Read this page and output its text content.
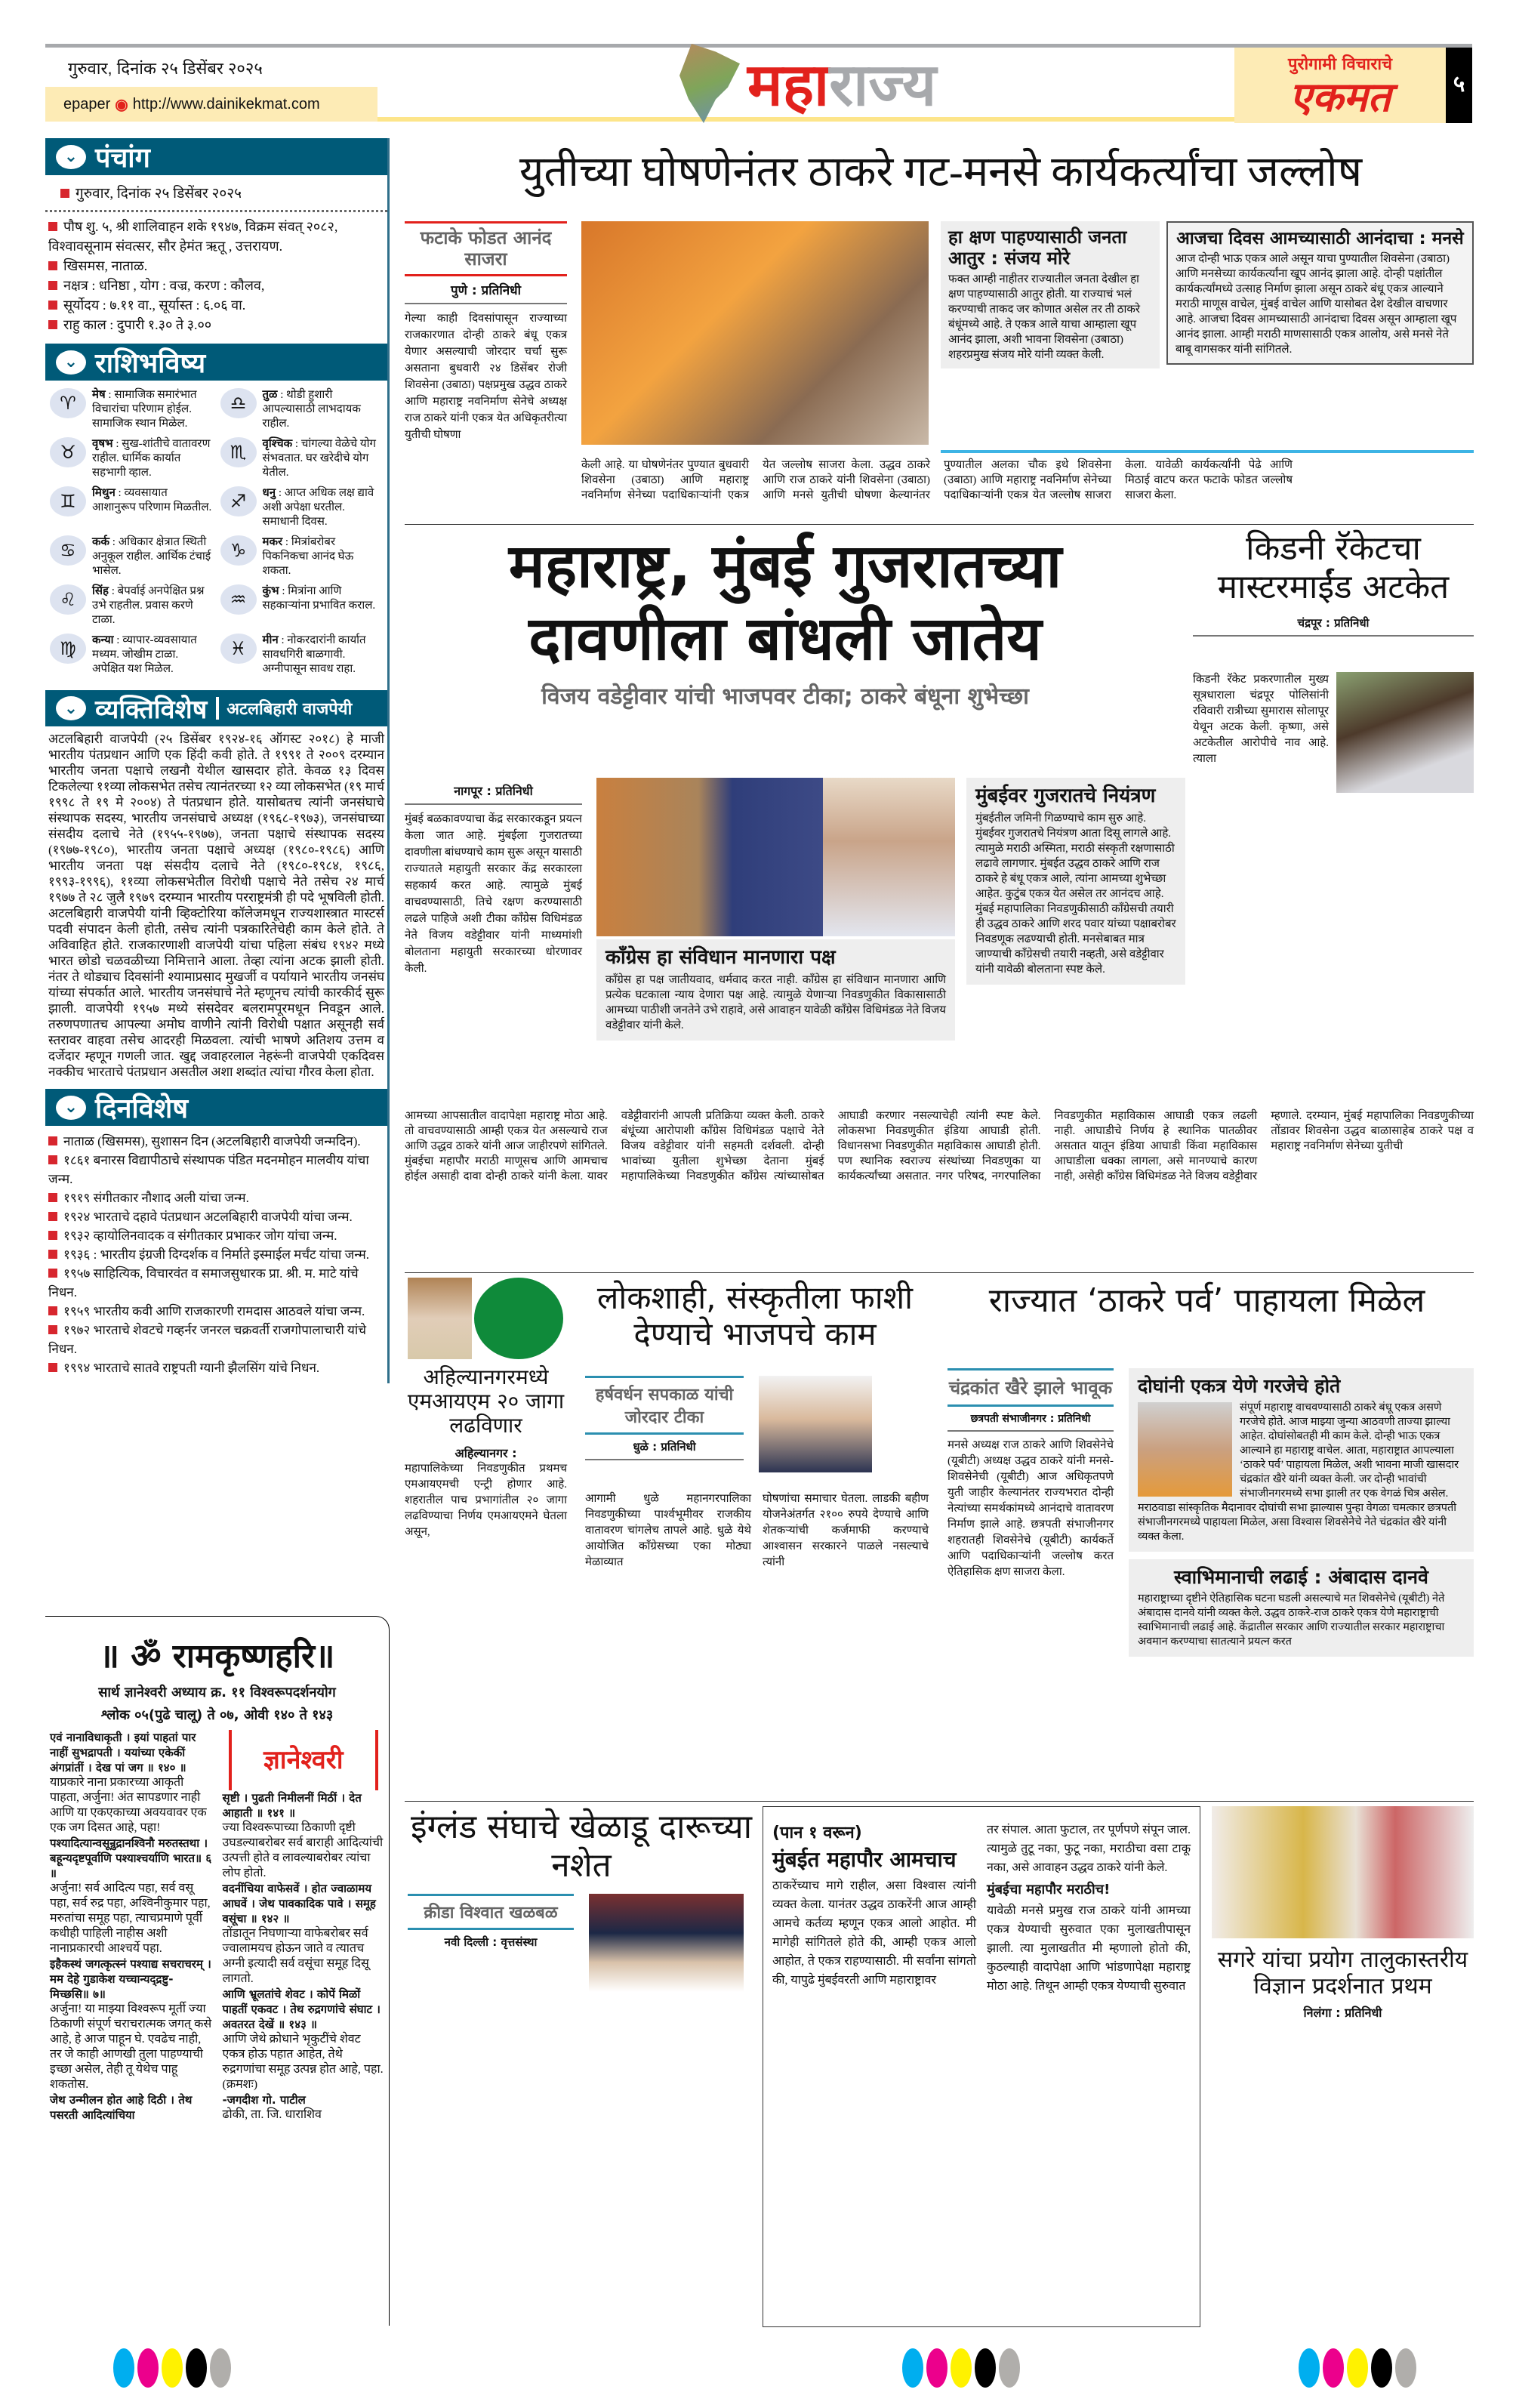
गुरुवार, दिनांक २५ डिसेंबर २०२५
epaper ◉ http://www.dainikekmat.com	महाराज्य	पुरोगामी विचाराचे
एकमत	५
⌄ पंचांग
गुरुवार, दिनांक २५ डिसेंबर २०२५
पौष शु. ५, श्री शालिवाहन शके १९४७, विक्रम संवत् २०८२, विश्वावसूनाम संवत्सर, सौर हेमंत ऋतू , उत्तरायण.
खिसमस, नाताळ.
नक्षत्र : धनिष्ठा , योग : वज्र, करण : कौलव,
सूर्योदय : ७.११ वा., सूर्यास्त : ६.०६ वा.
राहु काल : दुपारी १.३० ते ३.००
⌄ राशिभविष्य
♈	मेष : सामाजिक समारंभात विचारांचा परिणाम होईल. सामाजिक स्थान मिळेल.
♎	तुळ : थोडी हुशारी आपल्यासाठी लाभदायक राहील.
♉	वृषभ : सुख-शांतीचे वातावरण राहील. धार्मिक कार्यात सहभागी व्हाल.
♏	वृश्चिक : चांगल्या वेळेचे योग संभवतात. घर खरेदीचे योग येतील.
♊	मिथुन : व्यवसायात आशानुरूप परिणाम मिळतील.	♐	धनु : आप्त अधिक लक्ष द्यावे अशी अपेक्षा धरतील. समाधानी दिवस.
♋	कर्क : अधिकार क्षेत्रात स्थिती अनुकूल राहील. आर्थिक टंचाई भासेल.
♑	मकर : मित्रांबरोबर पिकनिकचा आनंद घेऊ शकता.
♌	सिंह : बेपर्वाई अनपेक्षित प्रश्न उभे राहतील. प्रवास करणे टाळा.
♒	कुंभ : मित्रांना आणि सहकाऱ्यांना प्रभावित कराल.
♍	कन्या : व्यापार-व्यवसायात मध्यम. जोखीम टाळा. अपेक्षित यश मिळेल.
♓	मीन : नोकरदारांनी कार्यात सावधगिरी बाळगावी. अग्नीपासून सावध राहा.
⌄ व्यक्तिविशेष	अटलबिहारी वाजपेयी

अटलबिहारी वाजपेयी (२५ डिसेंबर १९२४-१६ ऑगस्ट २०१८) हे माजी भारतीय पंतप्रधान आणि एक हिंदी कवी होते. ते १९९१ ते २००९ दरम्यान भारतीय जनता पक्षाचे लखनौ येथील खासदार होते. केवळ १३ दिवस टिकलेल्या ११व्या लोकसभेत तसेच त्यानंतरच्या १२ व्या लोकसभेत (१९ मार्च १९९८ ते १९ मे २००४) ते पंतप्रधान होते. यासोबतच त्यांनी जनसंघाचे संस्थापक सदस्य, भारतीय जनसंघाचे अध्यक्ष (१९६८-१९७३), जनसंघाच्या संसदीय दलाचे नेते (१९५५-१९७७), जनता पक्षाचे संस्थापक सदस्य (१९७७-१९८०), भारतीय जनता पक्षाचे अध्यक्ष (१९८०-१९८६) आणि भारतीय जनता पक्ष संसदीय दलाचे नेते (१९८०-१९८४, १९८६, १९९३-१९९६), ११व्या लोकसभेतील विरोधी पक्षाचे नेते तसेच २४ मार्च १९७७ ते २८ जुलै १९७९ दरम्यान भारतीय परराष्ट्रमंत्री ही पदे भूषविली होती. अटलबिहारी वाजपेयी यांनी व्हिक्टोरिया कॉलेजमधून राज्यशास्त्रात मास्टर्स पदवी संपादन केली होती, तसेच त्यांनी पत्रकारितेचेही काम केले होते. ते अविवाहित होते. राजकारणाशी वाजपेयी यांचा पहिला संबंध १९४२ मध्ये भारत छोडो चळवळीच्या निमित्ताने आला. तेव्हा त्यांना अटक झाली होती. नंतर ते थोड्याच दिवसांनी श्यामाप्रसाद मुखर्जी व पर्यायाने भारतीय जनसंघ यांच्या संपर्कात आले. भारतीय जनसंघाचे नेते म्हणूनच त्यांची कारकीर्द सुरू झाली. वाजपेयी १९५७ मध्ये संसदेवर बलरामपूरमधून निवडून आले. तरुणपणातच आपल्या अमोघ वाणीने त्यांनी विरोधी पक्षात असूनही सर्व स्तरावर वाहवा तसेच आदरही मिळवला. त्यांची भाषणे अतिशय उत्तम व दर्जेदार म्हणून गणली जात. खुद्द जवाहरलाल नेहरूंनी वाजपेयी एकदिवस नक्कीच भारताचे पंतप्रधान असतील अशा शब्दांत त्यांचा गौरव केला होता.

⌄ दिनविशेष
नाताळ (खिसमस), सुशासन दिन (अटलबिहारी वाजपेयी जन्मदिन).
१८६१ बनारस विद्यापीठाचे संस्थापक पंडित मदनमोहन मालवीय यांचा जन्म.
१९१९ संगीतकार नौशाद अली यांचा जन्म.
१९२४ भारताचे दहावे पंतप्रधान अटलबिहारी वाजपेयी यांचा जन्म.
१९३२ व्हायोलिनवादक व संगीतकार प्रभाकर जोग यांचा जन्म.
१९३६ : भारतीय इंग्रजी दिग्दर्शक व निर्माते इस्माईल मर्चंट यांचा जन्म.
१९५७ साहित्यिक, विचारवंत व समाजसुधारक प्रा. श्री. म. माटे यांचे निधन.
१९५९ भारतीय कवी आणि राजकारणी रामदास आठवले यांचा जन्म.
१९७२ भारताचे शेवटचे गव्हर्नर जनरल चक्रवर्ती राजगोपालाचारी यांचे निधन.
१९९४ भारताचे सातवे राष्ट्रपती ग्यानी झैलसिंग यांचे निधन.
॥ ॐ रामकृष्णहरि॥
सार्थ ज्ञानेश्वरी अध्याय क्र. ११ विश्वरूपदर्शनयोग
श्लोक ०५(पुढे चालू) ते ०७, ओवी १४० ते १४३
एवं नानाविधाकृती । इयां पाहतां पार नाहीं सुभद्रापती । ययांच्या एकेकीं अंगप्रांतीं । देख पां जग ॥ १४० ॥
याप्रकारे नाना प्रकारच्या आकृती पाहता, अर्जुना! अंत सापडणार नाही आणि या एकएकाच्या अवयवावर एक एक जग दिसत आहे, पहा!
पश्यादित्यान्वसून्रुद्रानश्विनौ मरुतस्तथा । बहून्यदृष्टपूर्वाणि पश्याश्चर्याणि भारत॥ ६ ॥
अर्जुना! सर्व आदित्य पहा, सर्व वसू पहा, सर्व रुद्र पहा, अश्विनीकुमार पहा, मरुतांचा समूह पहा, त्याचप्रमाणे पूर्वी कधीही पाहिली नाहीस अशी नानाप्रकारची आश्चर्ये पहा.
इहैकस्थं जगत्कृत्स्नं पश्याद्य सचराचरम् । मम देहे गुडाकेश यच्चान्यद्द्रष्टु-मिच्छसि॥ ७॥
अर्जुना! या माझ्या विश्वरूप मूर्ती ज्या ठिकाणी संपूर्ण चराचरात्मक जगत् कसे आहे, हे आज पाहून घे. एवढेच नाही, तर जे काही आणखी तुला पाहण्याची इच्छा असेल, तेही तू येथेच पाहू शकतोस.
जेथ उन्मीलन होत आहे दिठी । तेथ पसरती आदित्यांचिया
ज्ञानेश्वरी
सृष्टी । पुढती निमीलनीं मिठीं । देत आहाती ॥ १४१ ॥
ज्या विश्वरूपाच्या ठिकाणी दृष्टी उघडल्याबरोबर सर्व बाराही आदित्यांची उत्पत्ती होते व लावल्याबरोबर त्यांचा लोप होतो.
वदनींचिया वाफेसवें । होत ज्वाळामय आघवें । जेथ पावकादिक पावे । समूह वसूंचा ॥ १४२ ॥
तोंडातून निघणाऱ्या वाफेबरोबर सर्व ज्वालामयच होऊन जाते व त्यातच अग्नी इत्यादी सर्व वसूंचा समूह दिसू लागतो.
आणि भ्रूलतांचे शेवट । कोपें मिळों पाहतीं एकवट । तेथ रुद्रगणांचे संघाट । अवतरत देखें ॥ १४३ ॥
आणि जेथे क्रोधाने भृकुटींचे शेवट एकत्र होऊ पहात आहेत, तेथे रुद्रगणांचा समूह उत्पन्न होत आहे, पहा.
(क्रमशः)
-जगदीश गो. पाटील
ढोकी, ता. जि. धाराशिव
युतीच्या घोषणेनंतर ठाकरे गट-मनसे कार्यकर्त्यांचा जल्लोष
फटाके फोडत आनंद साजरा
पुणे : प्रतिनिधी

गेल्या काही दिवसांपासून राज्याच्या राजकारणात दोन्ही ठाकरे बंधू एकत्र येणार असल्याची जोरदार चर्चा सुरू असताना बुधवारी २४ डिसेंबर रोजी शिवसेना (उबाठा) पक्षप्रमुख उद्धव ठाकरे आणि महाराष्ट्र नवनिर्माण सेनेचे अध्यक्ष राज ठाकरे यांनी एकत्र येत अधिकृतरीत्या युतीची घोषणा

हा क्षण पाहण्यासाठी जनता आतुर : संजय मोरे

फक्त आम्ही नाहीतर राज्यातील जनता देखील हा क्षण पाहण्यासाठी आतुर होती. या राज्याचं भलं करण्याची ताकद जर कोणात असेल तर ती ठाकरे बंधूंमध्ये आहे. ते एकत्र आले याचा आम्हाला खूप आनंद झाला, अशी भावना शिवसेना (उबाठा) शहरप्रमुख संजय मोरे यांनी व्यक्त केली.

आजचा दिवस आमच्यासाठी आनंदाचा : मनसे

आज दोन्ही भाऊ एकत्र आले असून याचा पुण्यातील शिवसेना (उबाठा) आणि मनसेच्या कार्यकर्त्यांना खूप आनंद झाला आहे. दोन्ही पक्षांतील कार्यकर्त्यांमध्ये उत्साह निर्माण झाला असून ठाकरे बंधू एकत्र आल्याने मराठी माणूस वाचेल, मुंबई वाचेल आणि यासोबत देश देखील वाचणार आहे. आजचा दिवस आमच्यासाठी आनंदाचा दिवस असून आम्हाला खूप आनंद झाला. आम्ही मराठी माणसासाठी एकत्र आलोय, असे मनसे नेते बाबू वागसकर यांनी सांगितले.

केली आहे. या घोषणेनंतर पुण्यात बुधवारी शिवसेना (उबाठा) आणि महाराष्ट्र नवनिर्माण सेनेच्या पदाधिकाऱ्यांनी एकत्र येत जल्लोष साजरा केला. उद्धव ठाकरे आणि राज ठाकरे यांनी शिवसेना (उबाठा) आणि मनसे युतीची घोषणा केल्यानंतर पुण्यातील अलका चौक इथे शिवसेना (उबाठा) आणि महाराष्ट्र नवनिर्माण सेनेच्या पदाधिकाऱ्यांनी एकत्र येत जल्लोष साजरा केला. यावेळी कार्यकर्त्यांनी पेढे आणि मिठाई वाटप करत फटाके फोडत जल्लोष साजरा केला.

महाराष्ट्र, मुंबई गुजरातच्या दावणीला बांधली जातेय
विजय वडेट्टीवार यांची भाजपवर टीका; ठाकरे बंधूना शुभेच्छा
नागपूर : प्रतिनिधी

मुंबई बळकावण्याचा केंद्र सरकारकडून प्रयत्न केला जात आहे. मुंबईला गुजरातच्या दावणीला बांधण्याचे काम सुरू असून यासाठी राज्यातले महायुती सरकार केंद्र सरकारला सहकार्य करत आहे. त्यामुळे मुंबई वाचवण्यासाठी, तिचे रक्षण करण्यासाठी लढले पाहिजे अशी टीका काँग्रेस विधिमंडळ नेते विजय वडेट्टीवार यांनी माध्यमांशी बोलताना महायुती सरकारच्या धोरणावर केली.	काँग्रेस हा संविधान मानणारा पक्ष

काँग्रेस हा पक्ष जातीयवाद, धर्मवाद करत नाही. काँग्रेस हा संविधान मानणारा आणि प्रत्येक घटकाला न्याय देणारा पक्ष आहे. त्यामुळे येणाऱ्या निवडणुकीत विकासासाठी आमच्या पाठीशी जनतेने उभे राहावे, असे आवाहन यावेळी काँग्रेस विधिमंडळ नेते विजय वडेट्टीवार यांनी केले.

मुंबईवर गुजरातचे नियंत्रण

मुंबईतील जमिनी गिळण्याचे काम सुरु आहे. मुंबईवर गुजरातचे नियंत्रण आता दिसू लागले आहे. त्यामुळे मराठी अस्मिता, मराठी संस्कृती रक्षणासाठी लढावे लागणार. मुंबईत उद्धव ठाकरे आणि राज ठाकरे हे बंधू एकत्र आले, त्यांना आमच्या शुभेच्छा आहेत. कुटुंब एकत्र येत असेल तर आनंदच आहे. मुंबई महापालिका निवडणुकीसाठी काँग्रेसची तयारी ही उद्धव ठाकरे आणि शरद पवार यांच्या पक्षाबरोबर निवडणूक लढण्याची होती. मनसेबाबत मात्र जाण्याची काँग्रेसची तयारी नव्हती, असे वडेट्टीवार यांनी यावेळी बोलताना स्पष्ट केले.

आमच्या आपसातील वादापेक्षा महाराष्ट्र मोठा आहे. तो वाचवण्यासाठी आम्ही एकत्र येत असल्याचे राज आणि उद्धव ठाकरे यांनी आज जाहीरपणे सांगितले. मुंबईचा महापौर मराठी माणूसच आणि आमचाच होईल असाही दावा दोन्ही ठाकरे यांनी केला. यावर वडेट्टीवारांनी आपली प्रतिक्रिया व्यक्त केली. ठाकरे बंधूंच्या आरोपाशी काँग्रेस विधिमंडळ पक्षाचे नेते विजय वडेट्टीवार यांनी सहमती दर्शवली. दोन्ही भावांच्या युतीला शुभेच्छा देताना मुंबई महापालिकेच्या निवडणुकीत काँग्रेस त्यांच्यासोबत आघाडी करणार नसल्याचेही त्यांनी स्पष्ट केले. लोकसभा निवडणुकीत इंडिया आघाडी होती. विधानसभा निवडणुकीत महाविकास आघाडी होती. पण स्थानिक स्वराज्य संस्थांच्या निवडणुका या कार्यकर्त्यांच्या असतात. नगर परिषद, नगरपालिका निवडणुकीत महाविकास आघाडी एकत्र लढली नाही. आघाडीचे निर्णय हे स्थानिक पातळीवर असतात यातून इंडिया आघाडी किंवा महाविकास आघाडीला धक्का लागला, असे मानण्याचे कारण नाही, असेही काँग्रेस विधिमंडळ नेते विजय वडेट्टीवार म्हणाले. दरम्यान, मुंबई महापालिका निवडणुकीच्या तोंडावर शिवसेना उद्धव बाळासाहेब ठाकरे पक्ष व महाराष्ट्र नवनिर्माण सेनेच्या युतीची

किडनी रॅकेटचा मास्टरमाईंड अटकेत
चंद्रपूर : प्रतिनिधी

किडनी रॅकेट प्रकरणातील मुख्य सूत्रधाराला चंद्रपूर पोलिसांनी रविवारी रात्रीच्या सुमारास सोलापूर येथून अटक केली. कृष्णा, असे अटकेतील आरोपीचे नाव आहे. त्याला

अहिल्यानगरमध्ये एमआयएम २० जागा लढविणार
अहिल्यानगर :

महापालिकेच्या निवडणुकीत प्रथमच एमआयएमची एन्ट्री होणार आहे. शहरातील पाच प्रभागांतील २० जागा लढविण्याचा निर्णय एमआयएमने घेतला असून,

लोकशाही, संस्कृतीला फाशी देण्याचे भाजपचे काम
हर्षवर्धन सपकाळ यांची जोरदार टीका
धुळे : प्रतिनिधी

आगामी धुळे महानगरपालिका निवडणुकीच्या पार्श्वभूमीवर राजकीय वातावरण चांगलेच तापले आहे. धुळे येथे आयोजित काँग्रेसच्या एका मोठ्या मेळाव्यात

घोषणांचा समाचार घेतला. लाडकी बहीण योजनेअंतर्गत २१०० रुपये देण्याचे आणि शेतकऱ्यांची कर्जमाफी करण्याचे आश्वासन सरकारने पाळले नसल्याचे त्यांनी

राज्यात ‘ठाकरे पर्व’ पाहायला मिळेल
चंद्रकांत खैरे झाले भावूक
छत्रपती संभाजीनगर : प्रतिनिधी

मनसे अध्यक्ष राज ठाकरे आणि शिवसेनेचे (यूबीटी) अध्यक्ष उद्धव ठाकरे यांनी मनसे-शिवसेनेची (यूबीटी) आज अधिकृतपणे युती जाहीर केल्यानंतर राज्यभरात दोन्ही नेत्यांच्या समर्थकांमध्ये आनंदाचे वातावरण निर्माण झाले आहे. छत्रपती संभाजीनगर शहरातही शिवसेनेचे (यूबीटी) कार्यकर्ते आणि पदाधिकाऱ्यांनी जल्लोष करत ऐतिहासिक क्षण साजरा केला.

दोघांनी एकत्र येणे गरजेचे होते

संपूर्ण महाराष्ट्र वाचवण्यासाठी ठाकरे बंधू एकत्र असणे गरजेचे होते. आज माझ्या जुन्या आठवणी ताज्या झाल्या आहेत. दोघांसोबतही मी काम केले. दोन्ही भाऊ एकत्र आल्याने हा महाराष्ट्र वाचेल. आता, महाराष्ट्रात आपल्याला ‘ठाकरे पर्व’ पाहायला मिळेल, अशी भावना माजी खासदार चंद्रकांत खैरे यांनी व्यक्त केली. जर दोन्ही भावांची संभाजीनगरमध्ये सभा झाली तर एक वेगळं चित्र असेल. मराठवाडा सांस्कृतिक मैदानावर दोघांची सभा झाल्यास पुन्हा वेगळा चमत्कार छत्रपती संभाजीनगरमध्ये पाहायला मिळेल, असा विश्वास शिवसेनेचे नेते चंद्रकांत खैरे यांनी व्यक्त केला.

स्वाभिमानाची लढाई : अंबादास दानवे

महाराष्ट्राच्या दृष्टीने ऐतिहासिक घटना घडली असल्याचे मत शिवसेनेचे (यूबीटी) नेते अंबादास दानवे यांनी व्यक्त केले. उद्धव ठाकरे-राज ठाकरे एकत्र येणे महाराष्ट्राची स्वाभिमानाची लढाई आहे. केंद्रातील सरकार आणि राज्यातील सरकार महाराष्ट्राचा अवमान करण्याचा सातत्याने प्रयत्न करत

इंग्लंड संघाचे खेळाडू दारूच्या नशेत
क्रीडा विश्वात खळबळ
नवी दिल्ली : वृत्तसंस्था
(पान १ वरून)
मुंबईत महापौर आमचाच

ठाकरेंच्याच मागे राहील, असा विश्वास त्यांनी व्यक्त केला. यानंतर उद्धव ठाकरेंनी आज आम्ही आमचे कर्तव्य म्हणून एकत्र आलो आहोत. मी मागेही सांगितले होते की, आम्ही एकत्र आलो आहोत, ते एकत्र राहण्यासाठी. मी सर्वांना सांगतो की, यापुढे मुंबईवरती आणि महाराष्ट्रावर

तर संपाल. आता फुटाल, तर पूर्णपणे संपून जाल. त्यामुळे तुटू नका, फुटू नका, मराठीचा वसा टाकू नका, असे आवाहन उद्धव ठाकरे यांनी केले.

मुंबईचा महापौर मराठीच!

यावेळी मनसे प्रमुख राज ठाकरे यांनी आमच्या एकत्र येण्याची सुरुवात एका मुलाखतीपासून झाली. त्या मुलाखतीत मी म्हणालो होतो की, कुठल्याही वादापेक्षा आणि भांडणापेक्षा महाराष्ट्र मोठा आहे. तिथून आम्ही एकत्र येण्याची सुरुवात

सगरे यांचा प्रयोग तालुकास्तरीय विज्ञान प्रदर्शनात प्रथम
निलंगा : प्रतिनिधी
